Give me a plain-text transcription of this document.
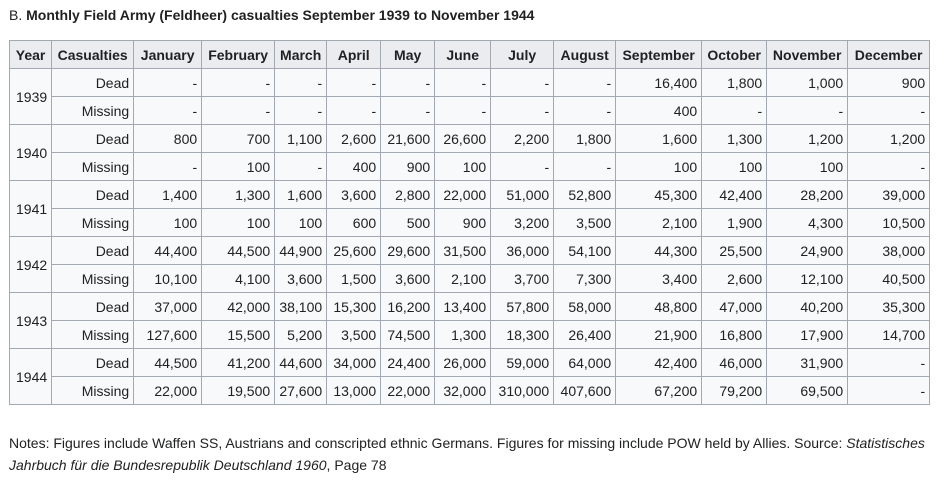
B. Monthly Field Army (Feldheer) casualties September 1939 to November 1944
Year	Casualties	January	February	March	April	May	June	July	August	September	October	November	December
1939	Dead	-	-	-	-	-	-	-	-	16,400	1,800	1,000	900
	Missing	-	-	-	-	-	-	-	-	400	-	-	-
1940	Dead	800	700	1,100	2,600	21,600	26,600	2,200	1,800	1,600	1,300	1,200	1,200
	Missing	-	100	-	400	900	100	-	-	100	100	100	-
1941	Dead	1,400	1,300	1,600	3,600	2,800	22,000	51,000	52,800	45,300	42,400	28,200	39,000
	Missing	100	100	100	600	500	900	3,200	3,500	2,100	1,900	4,300	10,500
1942	Dead	44,400	44,500	44,900	25,600	29,600	31,500	36,000	54,100	44,300	25,500	24,900	38,000
	Missing	10,100	4,100	3,600	1,500	3,600	2,100	3,700	7,300	3,400	2,600	12,100	40,500
1943	Dead	37,000	42,000	38,100	15,300	16,200	13,400	57,800	58,000	48,800	47,000	40,200	35,300
	Missing	127,600	15,500	5,200	3,500	74,500	1,300	18,300	26,400	21,900	16,800	17,900	14,700
1944	Dead	44,500	41,200	44,600	34,000	24,400	26,000	59,000	64,000	42,400	46,000	31,900	-
	Missing	22,000	19,500	27,600	13,000	22,000	32,000	310,000	407,600	67,200	79,200	69,500	-
Notes: Figures include Waffen SS, Austrians and conscripted ethnic Germans. Figures for missing include POW held by Allies. Source: Statistisches Jahrbuch für die Bundesrepublik Deutschland 1960, Page 78
